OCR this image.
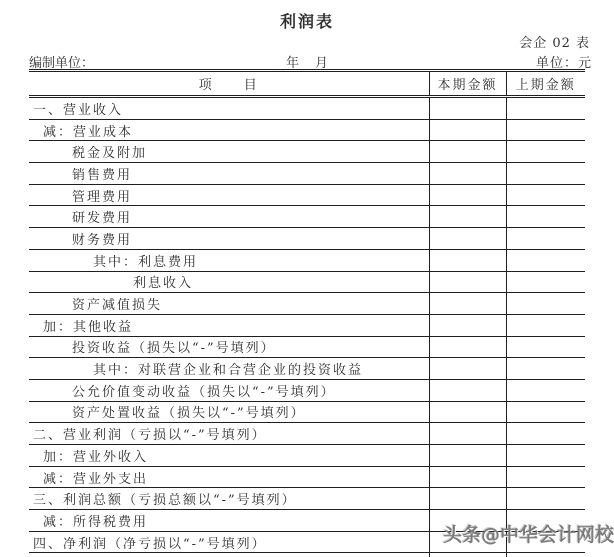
利润表
会企 02 表
编制单位：	__年__月	单位：元
项　　目	本期金额	上期金额
一、营业收入		
减：营业成本		
税金及附加		
销售费用		
管理费用		
研发费用		
财务费用		
其中：利息费用		
利息收入		
资产减值损失		
加：其他收益		
投资收益（损失以“-”号填列）		
其中：对联营企业和合营企业的投资收益		
公允价值变动收益（损失以“-”号填列）		
资产处置收益（损失以“-”号填列）		
二、营业利润（亏损以“-”号填列）		
加：营业外收入		
减：营业外支出		
三、利润总额（亏损总额以“-”号填列）		
减：所得税费用		
四、净利润（净亏损以“-”号填列）			头条@中华会计网校
